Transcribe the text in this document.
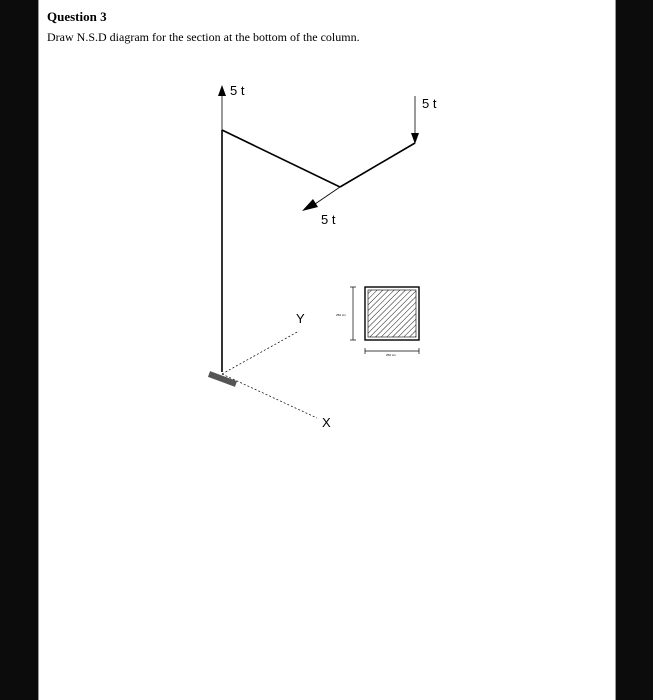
Question 3
Draw N.S.D diagram for the section at the bottom of the column.
5 t
5 t
5 t
Y
X
250 cm
250 cm
